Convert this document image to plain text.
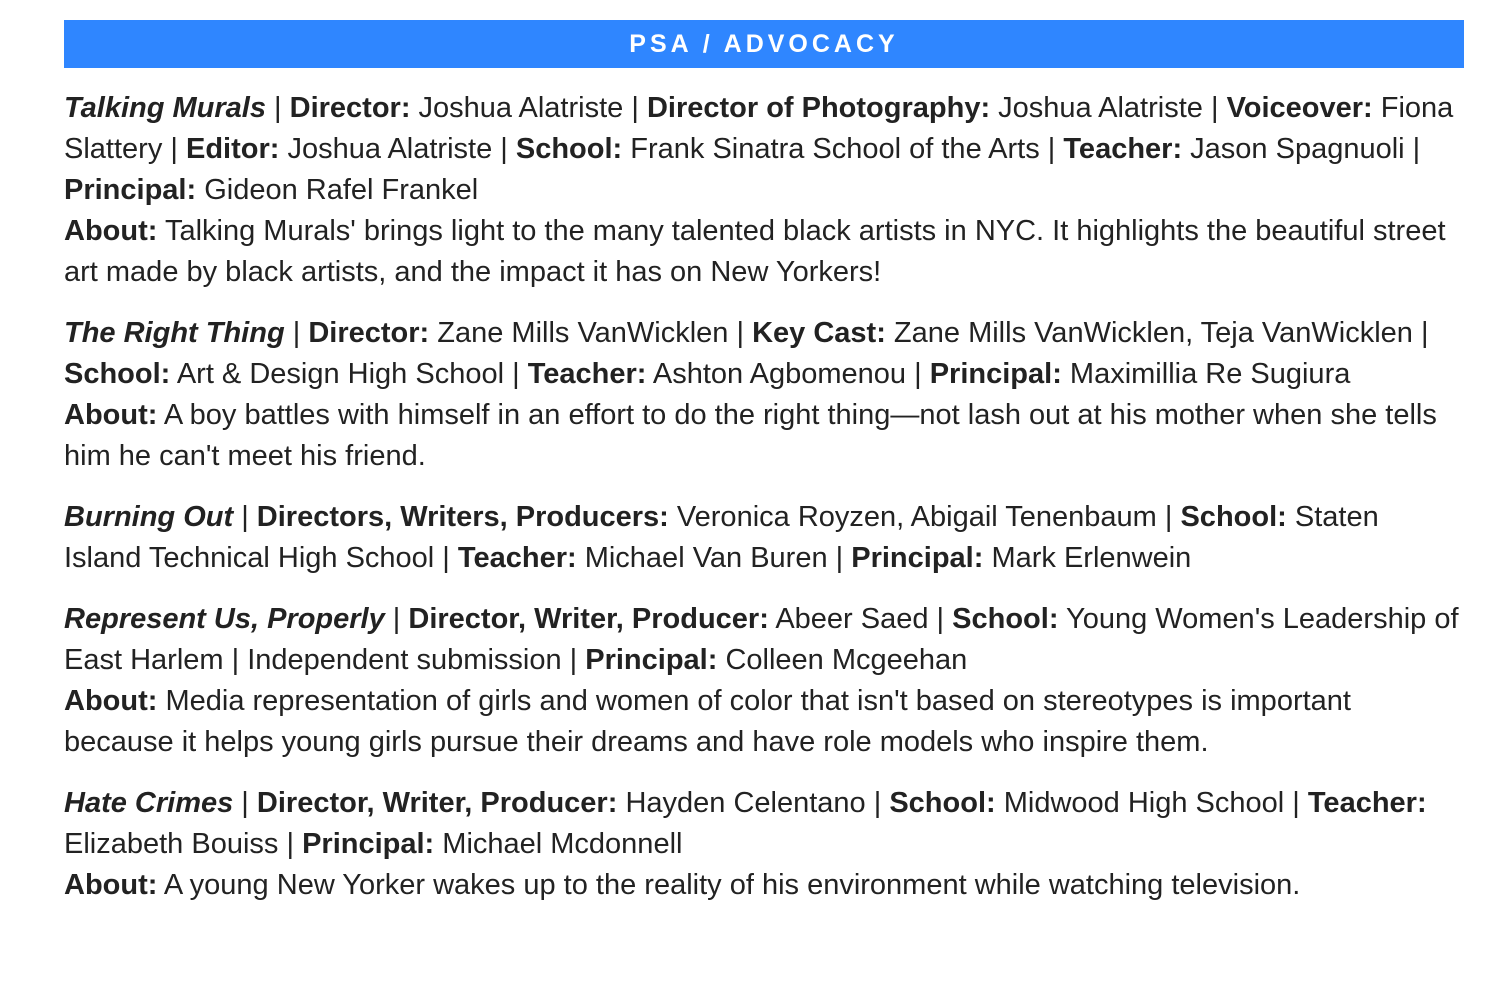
PSA / ADVOCACY

Talking Murals | Director: Joshua Alatriste | Director of Photography: Joshua Alatriste | Voiceover: Fiona Slattery | Editor: Joshua Alatriste | School: Frank Sinatra School of the Arts | Teacher: Jason Spagnuoli | Principal: Gideon Rafel Frankel

About: Talking Murals' brings light to the many talented black artists in NYC. It highlights the beautiful street art made by black artists, and the impact it has on New Yorkers!

The Right Thing | Director: Zane Mills VanWicklen | Key Cast: Zane Mills VanWicklen, Teja VanWicklen | School: Art & Design High School | Teacher: Ashton Agbomenou | Principal: Maximillia Re Sugiura

About: A boy battles with himself in an effort to do the right thing—not lash out at his mother when she tells him he can't meet his friend.

Burning Out | Directors, Writers, Producers: Veronica Royzen, Abigail Tenenbaum | School: Staten Island Technical High School | Teacher: Michael Van Buren | Principal: Mark Erlenwein

Represent Us, Properly | Director, Writer, Producer: Abeer Saed | School: Young Women's Leadership of East Harlem | Independent submission | Principal: Colleen Mcgeehan

About: Media representation of girls and women of color that isn't based on stereotypes is important because it helps young girls pursue their dreams and have role models who inspire them.

Hate Crimes | Director, Writer, Producer: Hayden Celentano | School: Midwood High School | Teacher: Elizabeth Bouiss | Principal: Michael Mcdonnell

About: A young New Yorker wakes up to the reality of his environment while watching television.
